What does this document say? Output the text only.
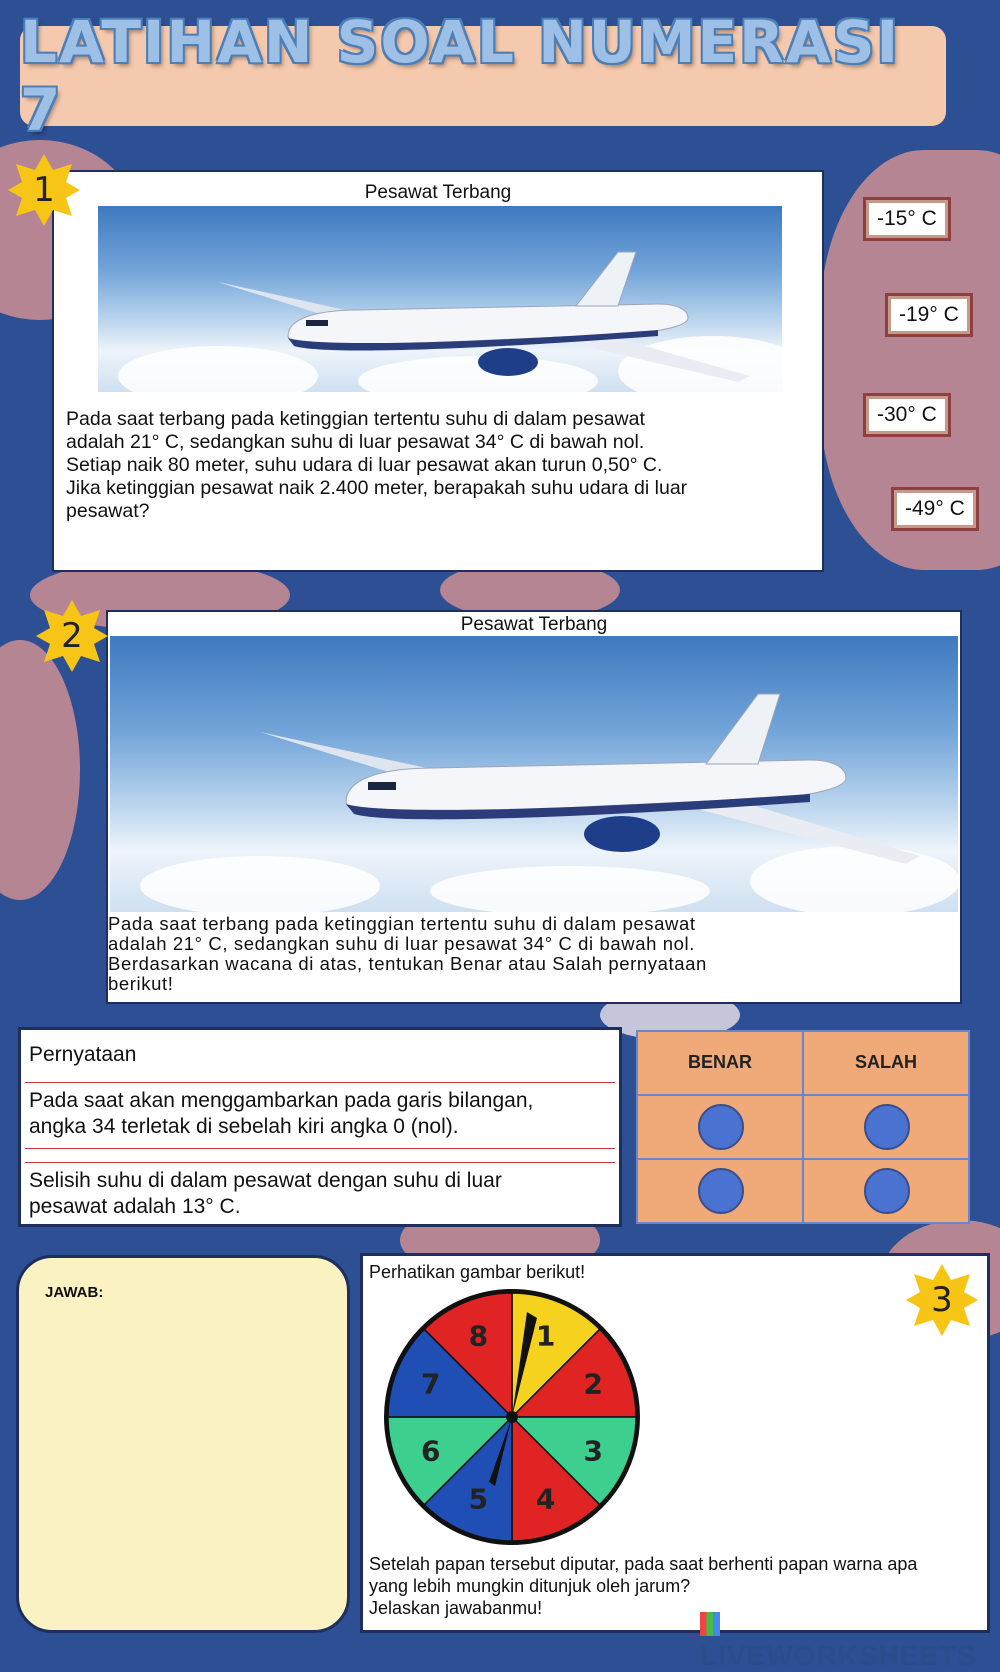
LATIHAN SOAL NUMERASI 7
Pesawat Terbang
Pada saat terbang pada ketinggian tertentu suhu di dalam pesawat
adalah 21° C, sedangkan suhu di luar pesawat 34° C di bawah nol.
Setiap naik 80 meter, suhu udara di luar pesawat akan turun 0,50° C.
Jika ketinggian pesawat naik 2.400 meter, berapakah suhu udara di luar
pesawat?
1
-15° C
-19° C
-30° C
-49° C
Pesawat Terbang
Pada saat terbang pada ketinggian tertentu suhu di dalam pesawat
adalah 21° C, sedangkan suhu di luar pesawat 34° C di bawah nol.
Berdasarkan wacana di atas, tentukan Benar atau Salah pernyataan
berikut!
2
Pernyataan
Pada saat akan menggambarkan pada garis bilangan,
angka 34 terletak di sebelah kiri angka 0 (nol).
Selisih suhu di dalam pesawat dengan suhu di luar
pesawat adalah 13° C.
BENAR	SALAH
JAWAB:
Perhatikan gambar berikut!
1
2
3
4
5
6
7
8
Setelah papan tersebut diputar, pada saat berhenti papan warna apa
yang lebih mungkin ditunjuk oleh jarum?
Jelaskan jawabanmu!
3
LIVEWORKSHEETS
